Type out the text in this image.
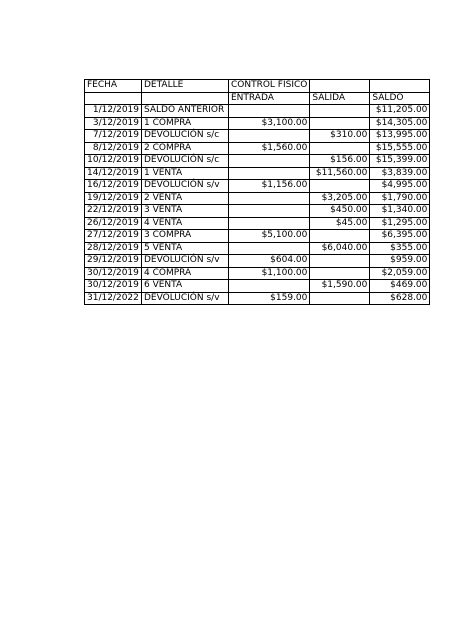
FECHA	DETALLE	CONTROL FISICO		
		ENTRADA	SALIDA	SALDO
1/12/2019	SALDO ANTERIOR			$11,205.00
3/12/2019	1 COMPRA	$3,100.00		$14,305.00
7/12/2019	DEVOLUCIÓN s/c		$310.00	$13,995.00
8/12/2019	2 COMPRA	$1,560.00		$15,555.00
10/12/2019	DEVOLUCIÓN s/c		$156.00	$15,399.00
14/12/2019	1 VENTA		$11,560.00	$3,839.00
16/12/2019	DEVOLUCIÓN s/v	$1,156.00		$4,995.00
19/12/2019	2 VENTA		$3,205.00	$1,790.00
22/12/2019	3 VENTA		$450.00	$1,340.00
26/12/2019	4 VENTA		$45.00	$1,295.00
27/12/2019	3 COMPRA	$5,100.00		$6,395.00
28/12/2019	5 VENTA		$6,040.00	$355.00
29/12/2019	DEVOLUCIÓN s/v	$604.00		$959.00
30/12/2019	4 COMPRA	$1,100.00		$2,059.00
30/12/2019	6 VENTA		$1,590.00	$469.00
31/12/2022	DEVOLUCIÓN s/v	$159.00		$628.00
